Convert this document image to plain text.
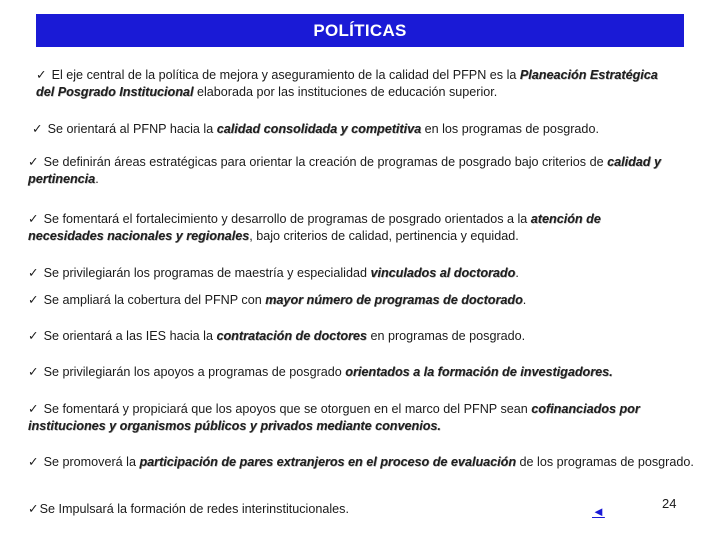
POLÍTICAS
✓ El eje central de la política de mejora y aseguramiento de la calidad del PFPN es la Planeación Estratégica del Posgrado Institucional elaborada por las instituciones de educación superior.
✓ Se orientará al PFNP hacia la calidad consolidada y competitiva en los programas de posgrado.
✓ Se definirán áreas estratégicas para orientar la creación de programas de posgrado bajo criterios de calidad y pertinencia.
✓ Se fomentará el fortalecimiento y desarrollo de programas de posgrado orientados a la atención de necesidades nacionales y regionales, bajo criterios de calidad, pertinencia y equidad.
✓ Se privilegiarán los programas de maestría y especialidad vinculados al doctorado.
✓ Se ampliará la cobertura del PFNP con mayor número de programas de doctorado.
✓ Se orientará a las IES hacia la contratación de doctores en programas de posgrado.
✓ Se privilegiarán los apoyos a programas de posgrado orientados a la formación de investigadores.
✓ Se fomentará y propiciará que los apoyos que se otorguen en el marco del PFNP sean cofinanciados por instituciones y organismos públicos y privados mediante convenios.
✓ Se promoverá la participación de pares extranjeros en el proceso de evaluación de los programas de posgrado.
✓Se Impulsará la formación de redes interinstitucionales.	◄
24
